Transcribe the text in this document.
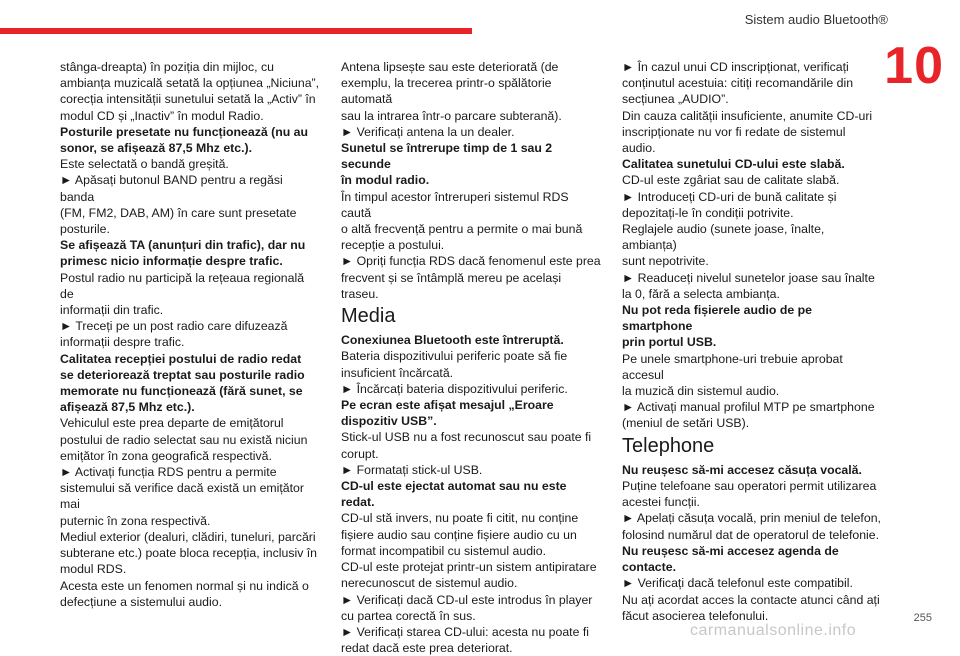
Sistem audio Bluetooth®
10

stânga-dreapta) în poziția din mijloc, cu

ambianța muzicală setată la opțiunea „Niciuna”,

corecția intensității sunetului setată la „Activ” în

modul CD și „Inactiv” în modul Radio.

Posturile presetate nu funcționează (nu au

sonor, se afișează 87,5 Mhz etc.).

Este selectată o bandă greșită.

► Apăsați butonul BAND pentru a regăsi banda

(FM, FM2, DAB, AM) în care sunt presetate

posturile.

Se afișează TA (anunțuri din trafic), dar nu

primesc nicio informație despre trafic.

Postul radio nu participă la rețeaua regională de

informații din trafic.

► Treceți pe un post radio care difuzează

informații despre trafic.

Calitatea recepției postului de radio redat

se deteriorează treptat sau posturile radio

memorate nu funcționează (fără sunet, se

afișează 87,5 Mhz etc.).

Vehiculul este prea departe de emițătorul

postului de radio selectat sau nu există niciun

emițător în zona geografică respectivă.

► Activați funcția RDS pentru a permite

sistemului să verifice dacă există un emițător mai

puternic în zona respectivă.

Mediul exterior (dealuri, clădiri, tuneluri, parcări

subterane etc.) poate bloca recepția, inclusiv în

modul RDS.

Acesta este un fenomen normal și nu indică o

defecțiune a sistemului audio.

Antena lipsește sau este deteriorată (de

exemplu, la trecerea printr-o spălătorie automată

sau la intrarea într-o parcare subterană).

► Verificați antena la un dealer.

Sunetul se întrerupe timp de 1 sau 2 secunde

în modul radio.

În timpul acestor întreruperi sistemul RDS caută

o altă frecvență pentru a permite o mai bună

recepție a postului.

► Opriți funcția RDS dacă fenomenul este prea

frecvent și se întâmplă mereu pe același traseu.

Media

Conexiunea Bluetooth este întreruptă.

Bateria dispozitivului periferic poate să fie

insuficient încărcată.

► Încărcați bateria dispozitivului periferic.

Pe ecran este afișat mesajul „Eroare

dispozitiv USB”.

Stick-ul USB nu a fost recunoscut sau poate fi

corupt.

► Formatați stick-ul USB.

CD-ul este ejectat automat sau nu este redat.

CD-ul stă invers, nu poate fi citit, nu conține

fișiere audio sau conține fișiere audio cu un

format incompatibil cu sistemul audio.

CD-ul este protejat printr-un sistem antipiratare

nerecunoscut de sistemul audio.

► Verificați dacă CD-ul este introdus în player

cu partea corectă în sus.

► Verificați starea CD-ului: acesta nu poate fi

redat dacă este prea deteriorat.

► În cazul unui CD inscripționat, verificați

conținutul acestuia: citiți recomandările din

secțiunea „AUDIO”.

Din cauza calității insuficiente, anumite CD-uri

inscripționate nu vor fi redate de sistemul audio.

Calitatea sunetului CD-ului este slabă.

CD-ul este zgâriat sau de calitate slabă.

► Introduceți CD-uri de bună calitate și

depozitați-le în condiții potrivite.

Reglajele audio (sunete joase, înalte, ambianța)

sunt nepotrivite.

► Readuceți nivelul sunetelor joase sau înalte

la 0, fără a selecta ambianța.

Nu pot reda fișierele audio de pe smartphone

prin portul USB.

Pe unele smartphone-uri trebuie aprobat accesul

la muzică din sistemul audio.

► Activați manual profilul MTP pe smartphone

(meniul de setări USB).

Telephone

Nu reușesc să-mi accesez căsuța vocală.

Puține telefoane sau operatori permit utilizarea

acestei funcții.

► Apelați căsuța vocală, prin meniul de telefon,

folosind numărul dat de operatorul de telefonie.

Nu reușesc să-mi accesez agenda de

contacte.

► Verificați dacă telefonul este compatibil.

Nu ați acordat acces la contacte atunci când ați

făcut asocierea telefonului.	255
carmanualsonline.info
